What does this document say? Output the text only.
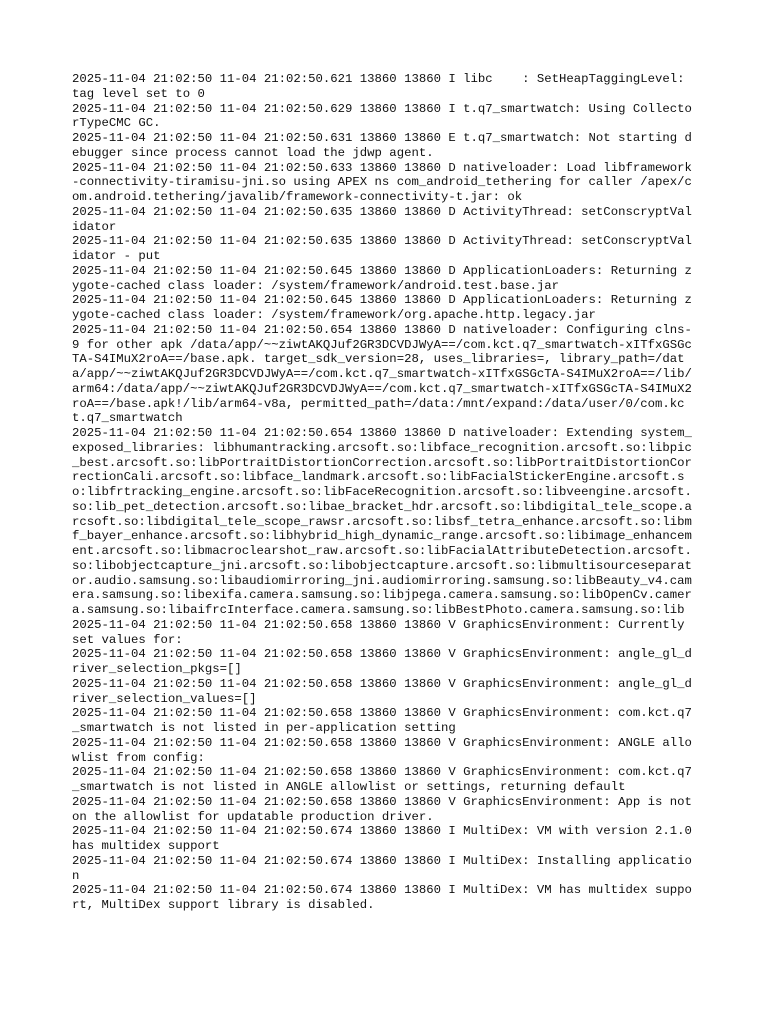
2025-11-04 21:02:50 11-04 21:02:50.621 13860 13860 I libc    : SetHeapTaggingLevel: tag level set to 0
2025-11-04 21:02:50 11-04 21:02:50.629 13860 13860 I t.q7_smartwatch: Using CollectorTypeCMC GC.
2025-11-04 21:02:50 11-04 21:02:50.631 13860 13860 E t.q7_smartwatch: Not starting debugger since process cannot load the jdwp agent.
2025-11-04 21:02:50 11-04 21:02:50.633 13860 13860 D nativeloader: Load libframework-connectivity-tiramisu-jni.so using APEX ns com_android_tethering for caller /apex/com.android.tethering/javalib/framework-connectivity-t.jar: ok
2025-11-04 21:02:50 11-04 21:02:50.635 13860 13860 D ActivityThread: setConscryptValidator
2025-11-04 21:02:50 11-04 21:02:50.635 13860 13860 D ActivityThread: setConscryptValidator - put
2025-11-04 21:02:50 11-04 21:02:50.645 13860 13860 D ApplicationLoaders: Returning zygote-cached class loader: /system/framework/android.test.base.jar
2025-11-04 21:02:50 11-04 21:02:50.645 13860 13860 D ApplicationLoaders: Returning zygote-cached class loader: /system/framework/org.apache.http.legacy.jar
2025-11-04 21:02:50 11-04 21:02:50.654 13860 13860 D nativeloader: Configuring clns-9 for other apk /data/app/~~ziwtAKQJuf2GR3DCVDJWyA==/com.kct.q7_smartwatch-xITfxGSGcTA-S4IMuX2roA==/base.apk. target_sdk_version=28, uses_libraries=, library_path=/data/app/~~ziwtAKQJuf2GR3DCVDJWyA==/com.kct.q7_smartwatch-xITfxGSGcTA-S4IMuX2roA==/lib/arm64:/data/app/~~ziwtAKQJuf2GR3DCVDJWyA==/com.kct.q7_smartwatch-xITfxGSGcTA-S4IMuX2roA==/base.apk!/lib/arm64-v8a, permitted_path=/data:/mnt/expand:/data/user/0/com.kct.q7_smartwatch
2025-11-04 21:02:50 11-04 21:02:50.654 13860 13860 D nativeloader: Extending system_exposed_libraries: libhumantracking.arcsoft.so:libface_recognition.arcsoft.so:libpic_best.arcsoft.so:libPortraitDistortionCorrection.arcsoft.so:libPortraitDistortionCorrectionCali.arcsoft.so:libface_landmark.arcsoft.so:libFacialStickerEngine.arcsoft.so:libfrtracking_engine.arcsoft.so:libFaceRecognition.arcsoft.so:libveengine.arcsoft.so:lib_pet_detection.arcsoft.so:libae_bracket_hdr.arcsoft.so:libdigital_tele_scope.arcsoft.so:libdigital_tele_scope_rawsr.arcsoft.so:libsf_tetra_enhance.arcsoft.so:libmf_bayer_enhance.arcsoft.so:libhybrid_high_dynamic_range.arcsoft.so:libimage_enhancement.arcsoft.so:libmacroclearshot_raw.arcsoft.so:libFacialAttributeDetection.arcsoft.so:libobjectcapture_jni.arcsoft.so:libobjectcapture.arcsoft.so:libmultisourceseparator.audio.samsung.so:libaudiomirroring_jni.audiomirroring.samsung.so:libBeauty_v4.camera.samsung.so:libexifa.camera.samsung.so:libjpega.camera.samsung.so:libOpenCv.camera.samsung.so:libaifrcInterface.camera.samsung.so:libBestPhoto.camera.samsung.so:lib
2025-11-04 21:02:50 11-04 21:02:50.658 13860 13860 V GraphicsEnvironment: Currently set values for:
2025-11-04 21:02:50 11-04 21:02:50.658 13860 13860 V GraphicsEnvironment: angle_gl_driver_selection_pkgs=[]
2025-11-04 21:02:50 11-04 21:02:50.658 13860 13860 V GraphicsEnvironment: angle_gl_driver_selection_values=[]
2025-11-04 21:02:50 11-04 21:02:50.658 13860 13860 V GraphicsEnvironment: com.kct.q7_smartwatch is not listed in per-application setting
2025-11-04 21:02:50 11-04 21:02:50.658 13860 13860 V GraphicsEnvironment: ANGLE allowlist from config:
2025-11-04 21:02:50 11-04 21:02:50.658 13860 13860 V GraphicsEnvironment: com.kct.q7_smartwatch is not listed in ANGLE allowlist or settings, returning default
2025-11-04 21:02:50 11-04 21:02:50.658 13860 13860 V GraphicsEnvironment: App is not on the allowlist for updatable production driver.
2025-11-04 21:02:50 11-04 21:02:50.674 13860 13860 I MultiDex: VM with version 2.1.0 has multidex support
2025-11-04 21:02:50 11-04 21:02:50.674 13860 13860 I MultiDex: Installing application
2025-11-04 21:02:50 11-04 21:02:50.674 13860 13860 I MultiDex: VM has multidex support, MultiDex support library is disabled.
